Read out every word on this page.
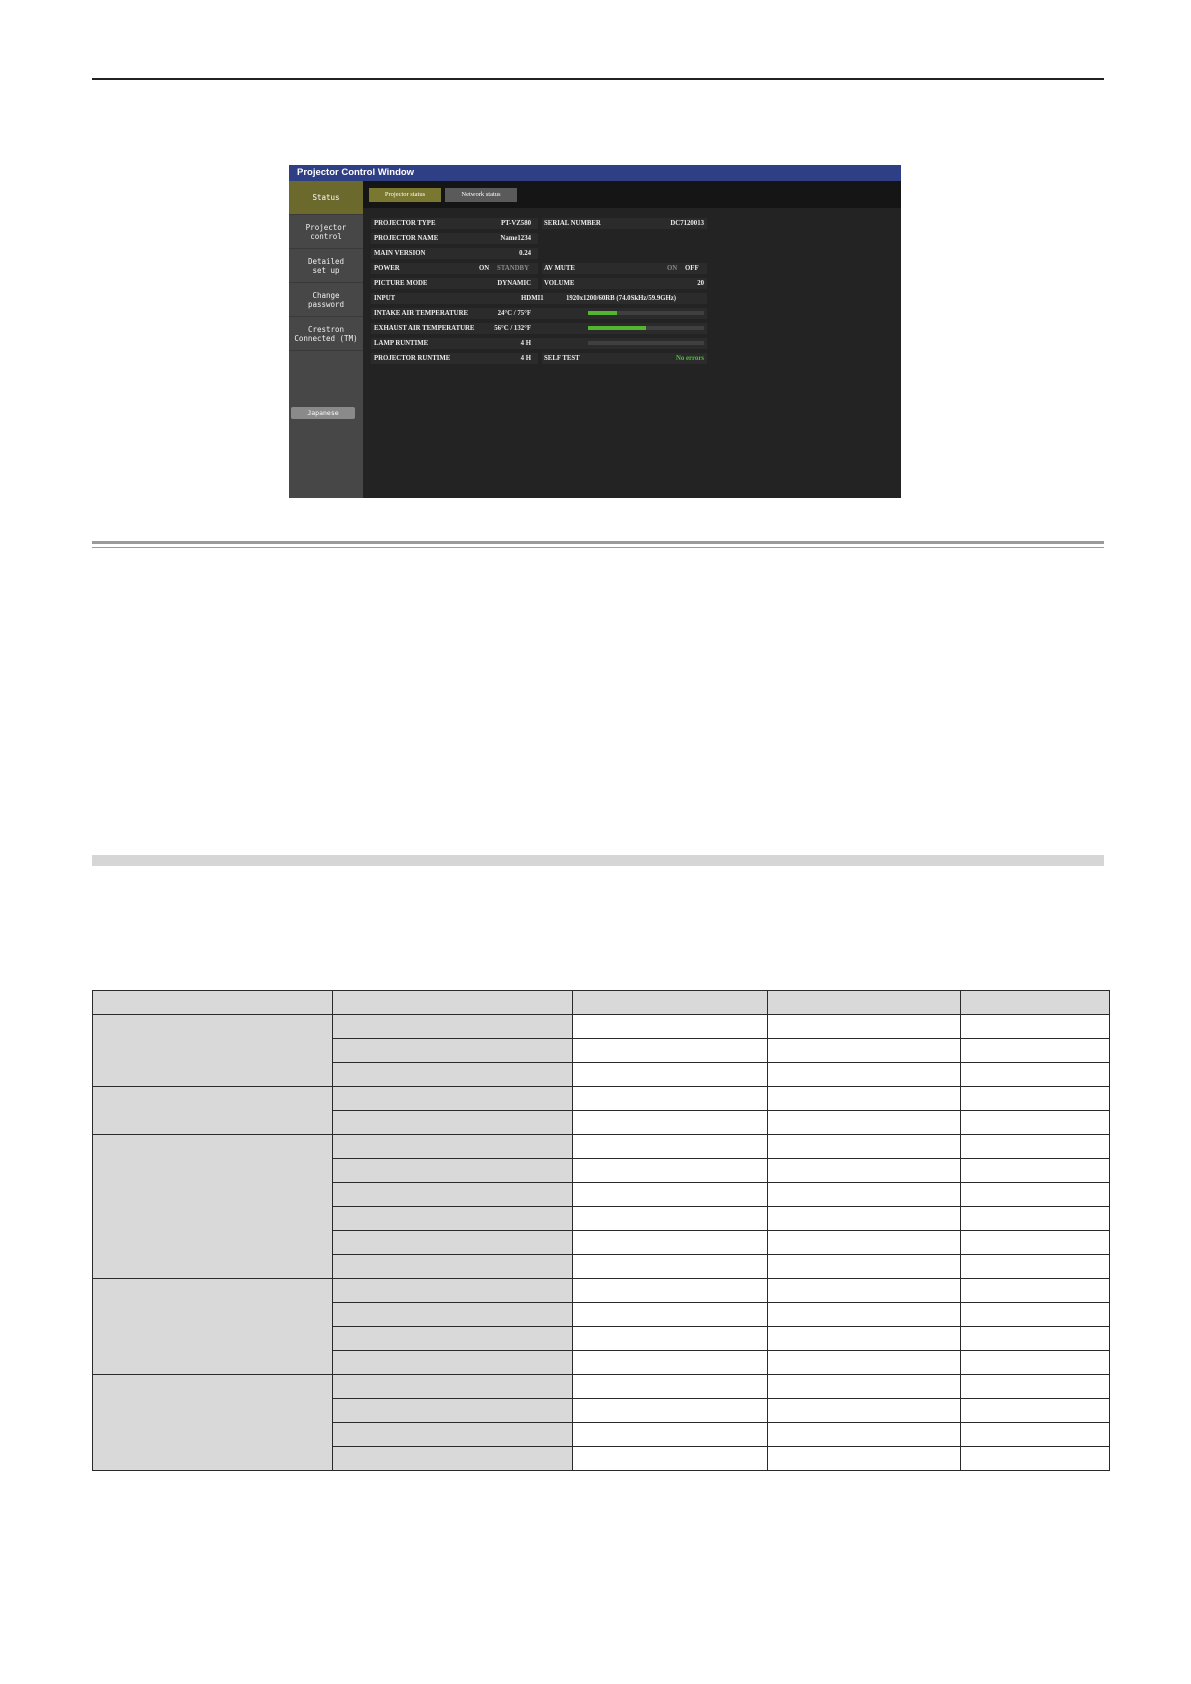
Projector Control Window
Status
Projector
control
Detailed
set up
Change
password
Crestron
Connected (TM)
Japanese
Projector status	Network status
PROJECTOR TYPE	PT-VZ580 SERIAL NUMBER	DC7120013
PROJECTOR NAME	Name1234
MAIN VERSION	0.24
POWER	ON STANDBY AV MUTE	ON OFF
PICTURE MODE	DYNAMIC VOLUME	20
INPUT	HDMI1	1920x1200/60RB (74.0SkHz/59.9GHz)
INTAKE AIR TEMPERATURE	24°C / 75°F
EXHAUST AIR TEMPERATURE	56°C / 132°F
LAMP RUNTIME	4 H
PROJECTOR RUNTIME	4 H SELF TEST	No errors
